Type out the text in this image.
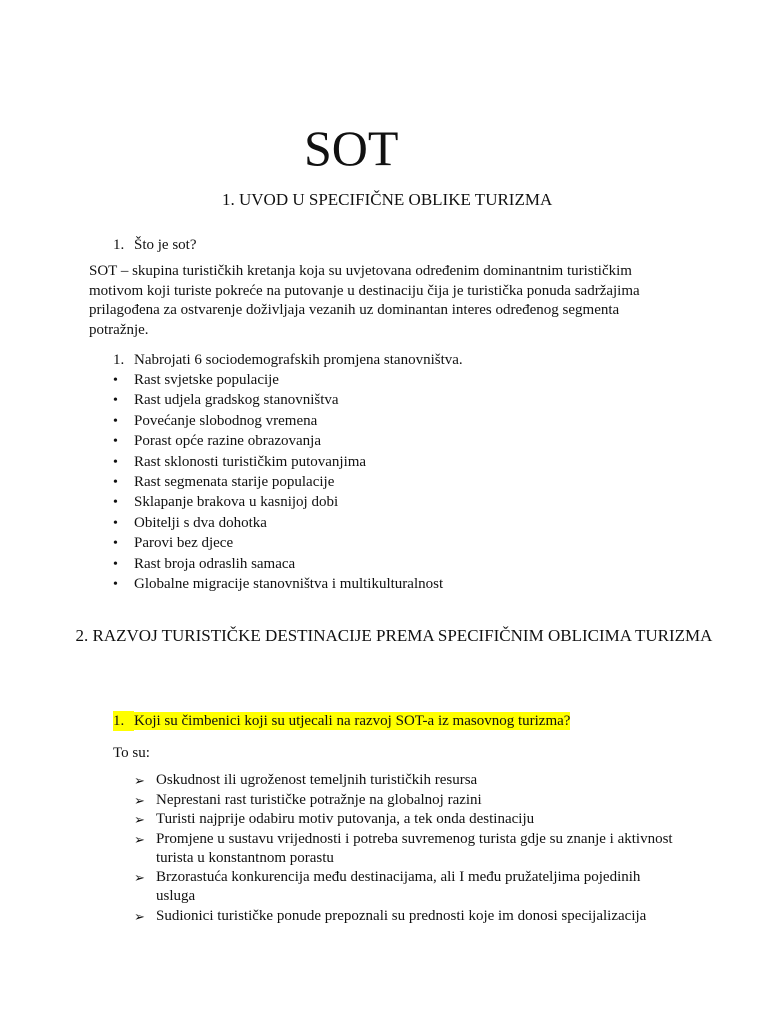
SOT
1. UVOD U SPECIFIČNE OBLIKE TURIZMA
1. Što je sot?
SOT – skupina turističkih kretanja koja su uvjetovana određenim dominantnim turističkim motivom koji turiste pokreće na putovanje u destinaciju čija je turistička ponuda sadržajima prilagođena za ostvarenje doživljaja vezanih uz dominantan interes određenog segmenta potražnje.
1. Nabrojati 6 sociodemografskih promjena stanovništva.
• Rast svjetske populacije
• Rast udjela gradskog stanovništva
• Povećanje slobodnog vremena
• Porast opće razine obrazovanja
• Rast sklonosti turističkim putovanjima
• Rast segmenata starije populacije
• Sklapanje brakova u kasnijoj dobi
• Obitelji s dva dohotka
• Parovi bez djece
• Rast broja odraslih samaca
• Globalne migracije stanovništva i multikulturalnost
2. RAZVOJ TURISTIČKE DESTINACIJE PREMA SPECIFIČNIM OBLICIMA TURIZMA
1. Koji su čimbenici koji su utjecali na razvoj SOT-a iz masovnog turizma?
To su:
➢ Oskudnost ili ugroženost temeljnih turističkih resursa
➢ Neprestani rast turističke potražnje na globalnoj razini
➢ Turisti najprije odabiru motiv putovanja, a tek onda destinaciju
➢ Promjene u sustavu vrijednosti i potreba suvremenog turista gdje su znanje i aktivnost turista u konstantnom porastu
➢ Brzorastuća konkurencija među destinacijama, ali I među pružateljima pojedinih usluga
➢ Sudionici turističke ponude prepoznali su prednosti koje im donosi specijalizacija
